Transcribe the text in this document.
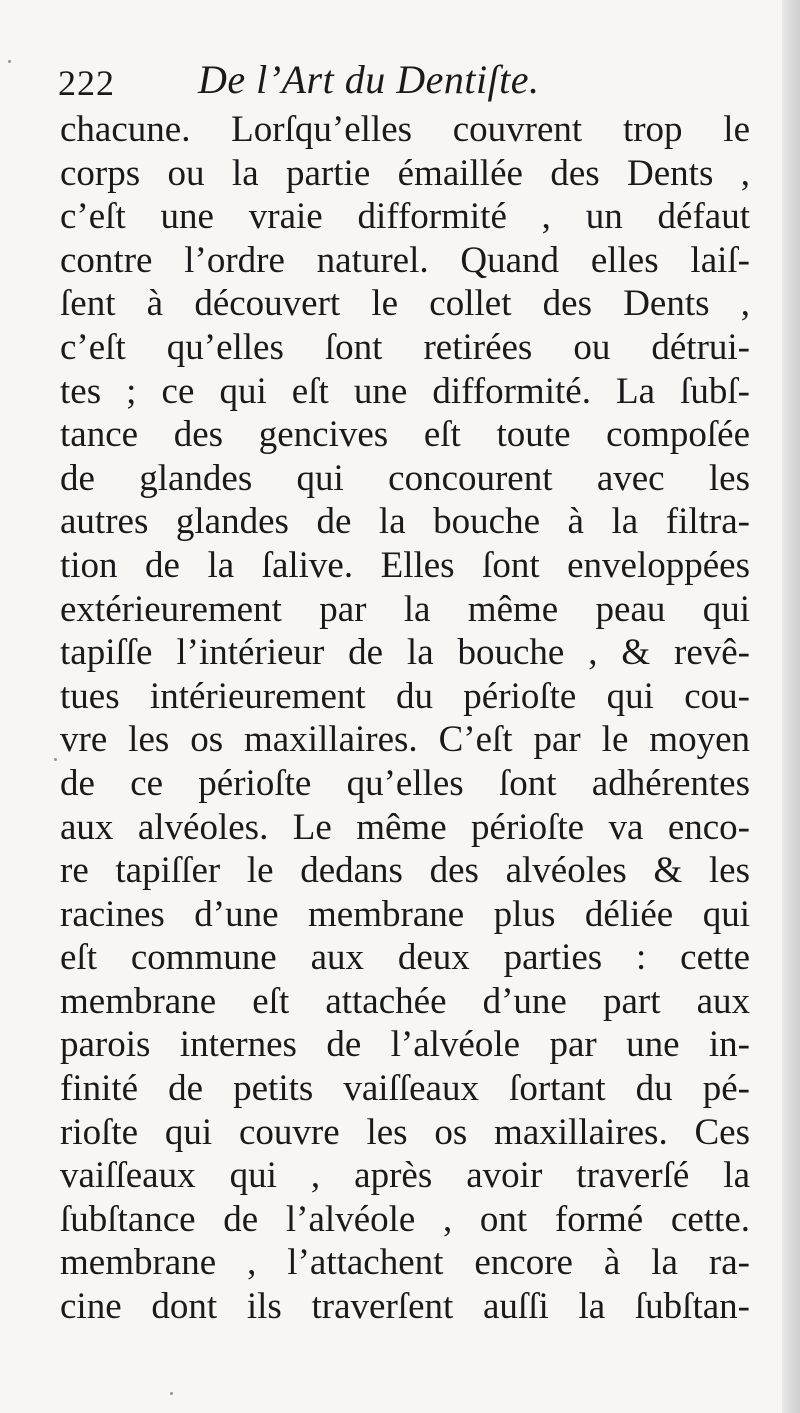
222 De l’Art du Dentiſte.
chacune. Lorſqu’elles couvrent trop le
corps ou la partie émaillée des Dents ,
c’eſt une vraie difformité , un défaut
contre l’ordre naturel. Quand elles laiſ-
ſent à découvert le collet des Dents ,
c’eſt qu’elles ſont retirées ou détrui-
tes ; ce qui eſt une difformité. La ſubſ-
tance des gencives eſt toute compoſée
de glandes qui concourent avec les
autres glandes de la bouche à la filtra-
tion de la ſalive. Elles ſont enveloppées
extérieurement par la même peau qui
tapiſſe l’intérieur de la bouche , & revê-
tues intérieurement du périoſte qui cou-
vre les os maxillaires. C’eſt par le moyen
de ce périoſte qu’elles ſont adhérentes
aux alvéoles. Le même périoſte va enco-
re tapiſſer le dedans des alvéoles & les
racines d’une membrane plus déliée qui
eſt commune aux deux parties : cette
membrane eſt attachée d’une part aux
parois internes de l’alvéole par une in-
finité de petits vaiſſeaux ſortant du pé-
rioſte qui couvre les os maxillaires. Ces
vaiſſeaux qui , après avoir traverſé la
ſubſtance de l’alvéole , ont formé cette.
membrane , l’attachent encore à la ra-
cine dont ils traverſent auſſi la ſubſtan-
